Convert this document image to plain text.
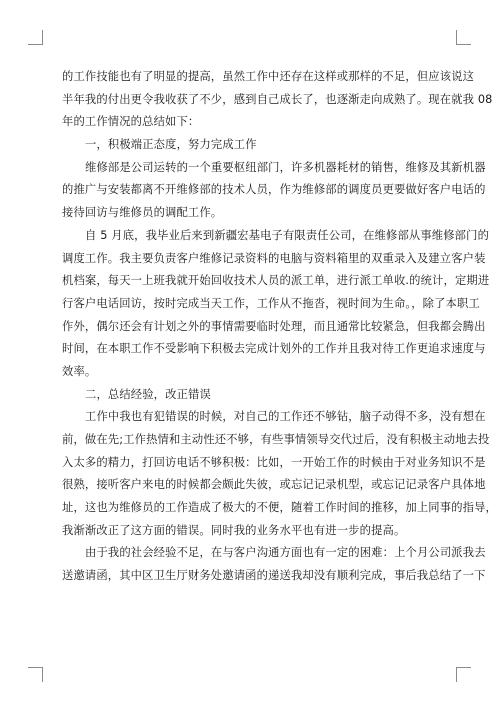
的工作技能也有了明显的提高，虽然工作中还存在这样或那样的不足，但应该说这
半年我的付出更令我收获了不少，感到自己成长了，也逐渐走向成熟了。现在就我 08
年的工作情况的总结如下：
一，积极端正态度，努力完成工作
维修部是公司运转的一个重要枢纽部门，许多机器耗材的销售，维修及其新机器
的推广与安装都离不开维修部的技术人员，作为维修部的调度员更要做好客户电话的
接待回访与维修员的调配工作。
自 5 月底，我毕业后来到新疆宏基电子有限责任公司，在维修部从事维修部门的
调度工作。我主要负责客户维修记录资料的电脑与资料箱里的双重录入及建立客户装
机档案，每天一上班我就开始回收技术人员的派工单，进行派工单收.的统计，定期进
行客户电话回访，按时完成当天工作，工作从不拖沓，视时间为生命。，除了本职工
作外，偶尔还会有计划之外的事情需要临时处理，而且通常比较紧急，但我都会腾出
时间，在本职工作不受影响下积极去完成计划外的工作并且我对待工作更追求速度与
效率。
二，总结经验，改正错误
工作中我也有犯错误的时候，对自己的工作还不够钻，脑子动得不多，没有想在
前，做在先;工作热情和主动性还不够，有些事情领导交代过后，没有积极主动地去投
入太多的精力，打回访电话不够积极：比如，一开始工作的时候由于对业务知识不是
很熟，接听客户来电的时候都会颇此失彼，或忘记记录机型，或忘记记录客户具体地
址，这也为维修员的工作造成了极大的不便，随着工作时间的推移，加上同事的指导，
我渐渐改正了这方面的错误。同时我的业务水平也有进一步的提高。
由于我的社会经验不足，在与客户沟通方面也有一定的困难：上个月公司派我去
送邀请函，其中区卫生厅财务处邀请函的递送我却没有顺利完成，事后我总结了一下
